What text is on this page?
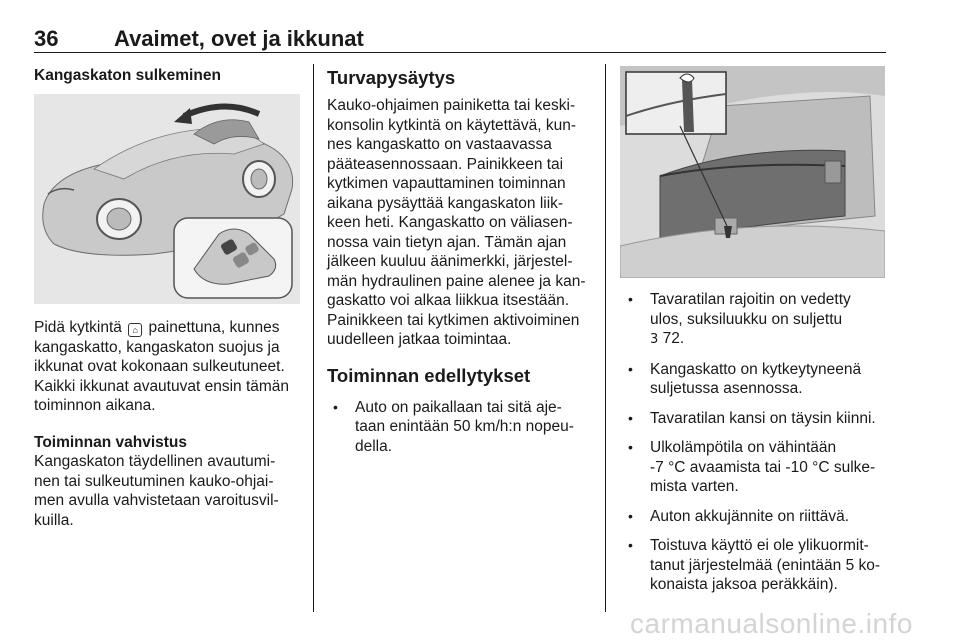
36	Avaimet, ovet ja ikkunat

Kangaskaton sulkeminen

Pidä kytkintä ⌂ painettuna, kunnes
kangaskatto, kangaskaton suojus ja
ikkunat ovat kokonaan sulkeutuneet.
Kaikki ikkunat avautuvat ensin tämän
toiminnon aikana.

Toiminnan vahvistus

Kangaskaton täydellinen avautumi-
nen tai sulkeutuminen kauko-ohjai-
men avulla vahvistetaan varoitusvil-
kuilla.

Turvapysäytys

Kauko-ohjaimen painiketta tai keski-
konsolin kytkintä on käytettävä, kun-
nes kangaskatto on vastaavassa
pääteasennossaan. Painikkeen tai
kytkimen vapauttaminen toiminnan
aikana pysäyttää kangaskaton liik-
keen heti. Kangaskatto on väliasen-
nossa vain tietyn ajan. Tämän ajan
jälkeen kuuluu äänimerkki, järjestel-
män hydraulinen paine alenee ja kan-
gaskatto voi alkaa liikkua itsestään.
Painikkeen tai kytkimen aktivoiminen
uudelleen jatkaa toimintaa.

Toiminnan edellytykset

• Auto on paikallaan tai sitä aje-
taan enintään 50 km/h:n nopeu-
della.
• Tavaratilan rajoitin on vedetty
ulos, suksiluukku on suljettu
3 72.
• Kangaskatto on kytkeytyneenä
suljetussa asennossa.
• Tavaratilan kansi on täysin kiinni.
• Ulkolämpötila on vähintään
-7 °C avaamista tai -10 °C sulke-
mista varten.
• Auton akkujännite on riittävä.
• Toistuva käyttö ei ole ylikuormit-
tanut järjestelmää (enintään 5 ko-
konaista jaksoa peräkkäin).
carmanualsonline.info
